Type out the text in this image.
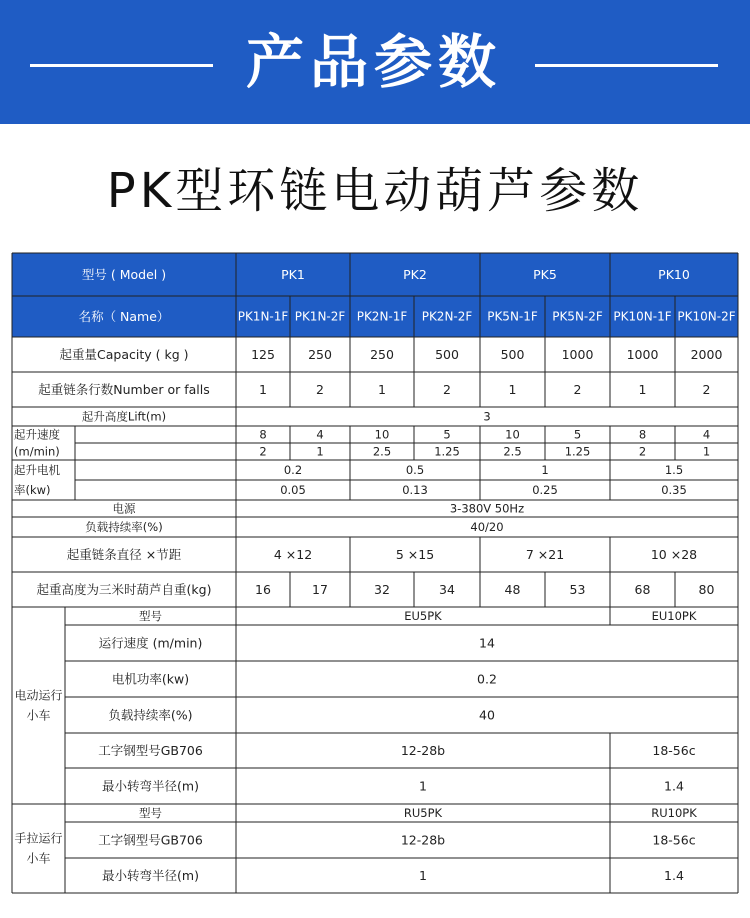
产品参数
PK型环链电动葫芦参数
型号 ( Model )	PK1	PK2	PK5	PK10
名称（ Name）	PK1N-1F PK1N-2F PK2N-1F PK2N-2F PK5N-1F PK5N-2F PK10N-1F PK10N-2F
起重量Capacity ( kg )	125	250	250	500	500	1000	1000	2000
起重链条行数Number or falls	1	2	1	2	1	2	1	2
起升高度Lift(m)	3
起升速度
(m/min)
8	4	10	5	10	5	8	4
2	1	2.5	1.25	2.5	1.25	2	1
起升电机
率(kw)
0.2	0.5	1	1.5
0.05	0.13	0.25	0.35
电源	3-380V 50Hz
负载持续率(%)	40/20
起重链条直径 ×节距	4 ×12	5 ×15	7 ×21	10 ×28
起重高度为三米时葫芦自重(kg)	16	17	32	34	48	53	68	80
电动运行
小车
型号	EU5PK	EU10PK
运行速度 (m/min)	14
电机功率(kw)	0.2
负载持续率(%)	40
工字钢型号GB706	12-28b	18-56c
最小转弯半径(m)	1	1.4
手拉运行
小车
型号	RU5PK	RU10PK
工字钢型号GB706	12-28b	18-56c
最小转弯半径(m)	1	1.4
